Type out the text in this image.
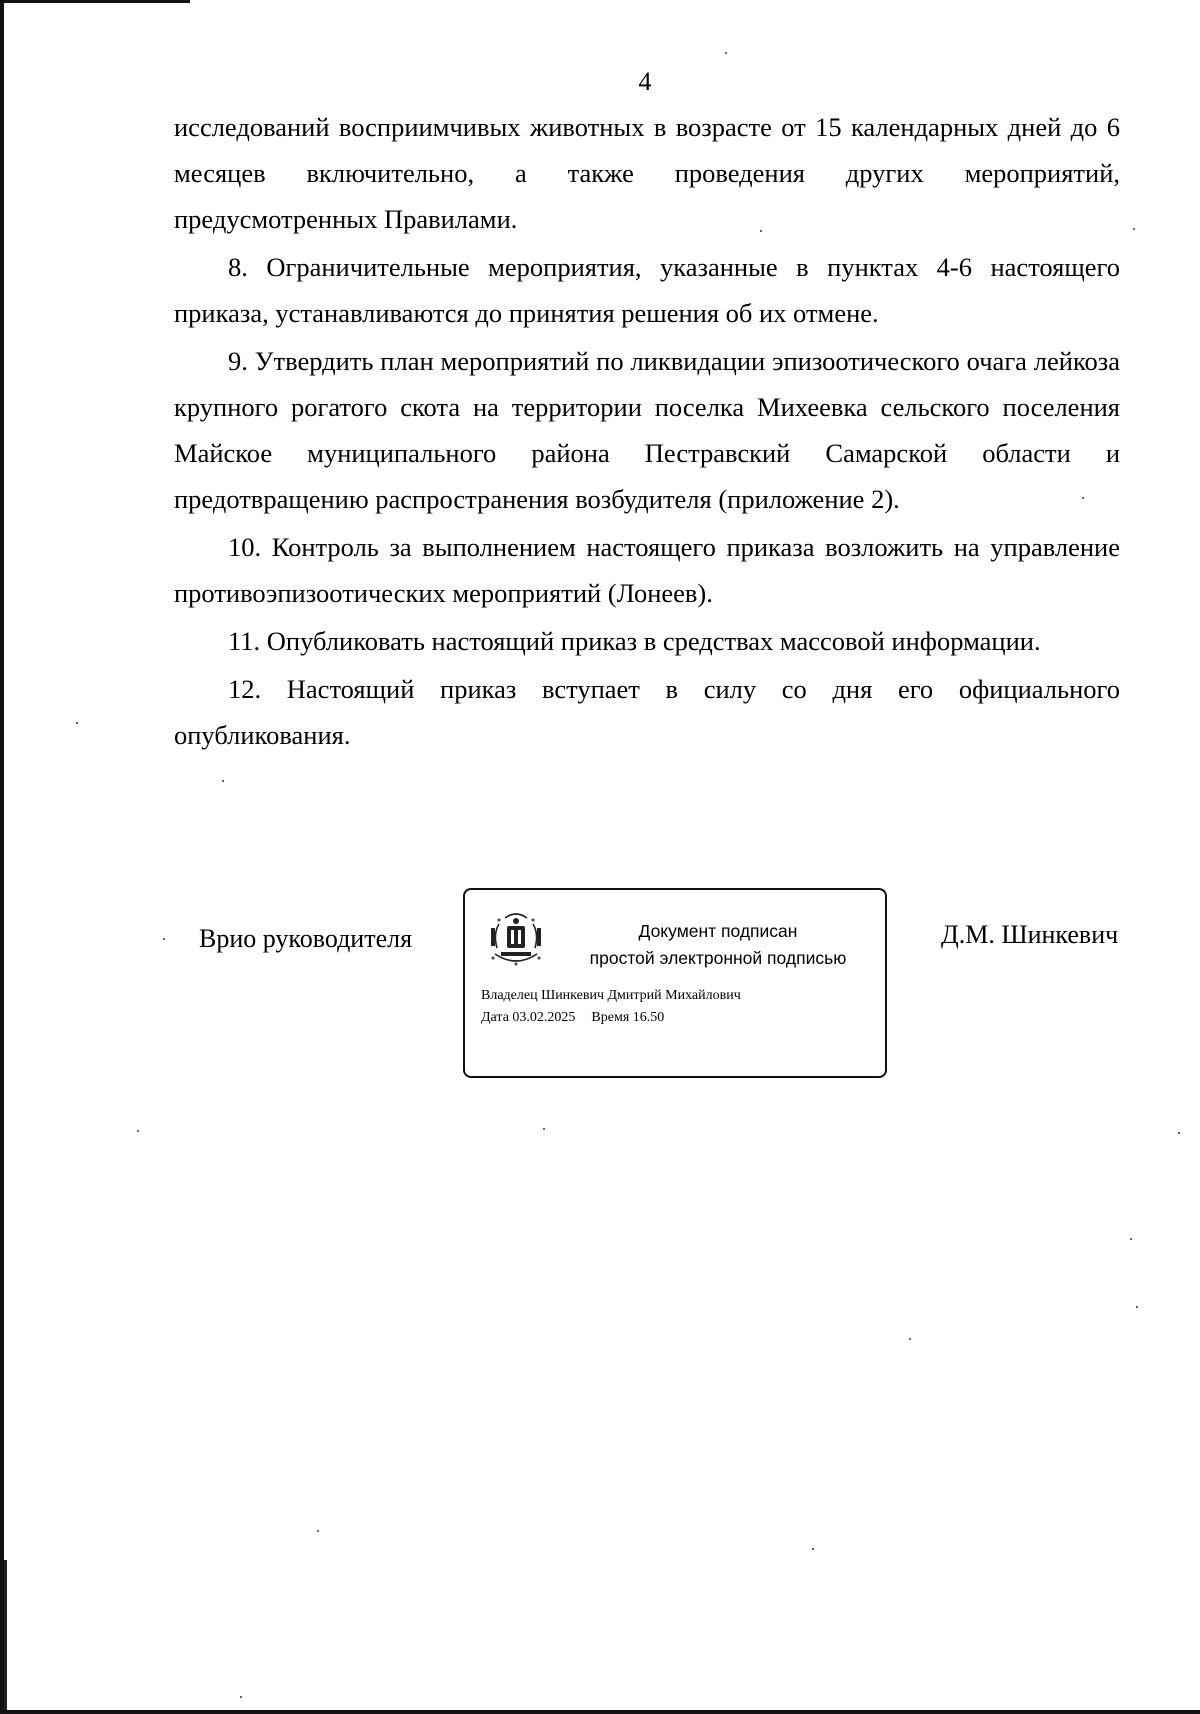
4

исследований восприимчивых животных в возрасте от 15 календарных дней до 6 месяцев включительно, а также проведения других мероприятий, предусмотренных Правилами.

8. Ограничительные мероприятия, указанные в пунктах 4-6 настоящего приказа, устанавливаются до принятия решения об их отмене.

9. Утвердить план мероприятий по ликвидации эпизоотического очага лейкоза крупного рогатого скота на территории поселка Михеевка сельского поселения Майское муниципального района Пестравский Самарской области и предотвращению распространения возбудителя (приложение 2).

10. Контроль за выполнением настоящего приказа возложить на управление противоэпизоотических мероприятий (Лонеев).

11. Опубликовать настоящий приказ в средствах массовой информации.

12. Настоящий приказ вступает в силу со дня его официального опубликования.

Врио руководителя	Документ подписан
простой электронной подписью
Владелец Шинкевич Дмитрий Михайлович
Дата 03.02.2025 Время 16.50
Д.М. Шинкевич
